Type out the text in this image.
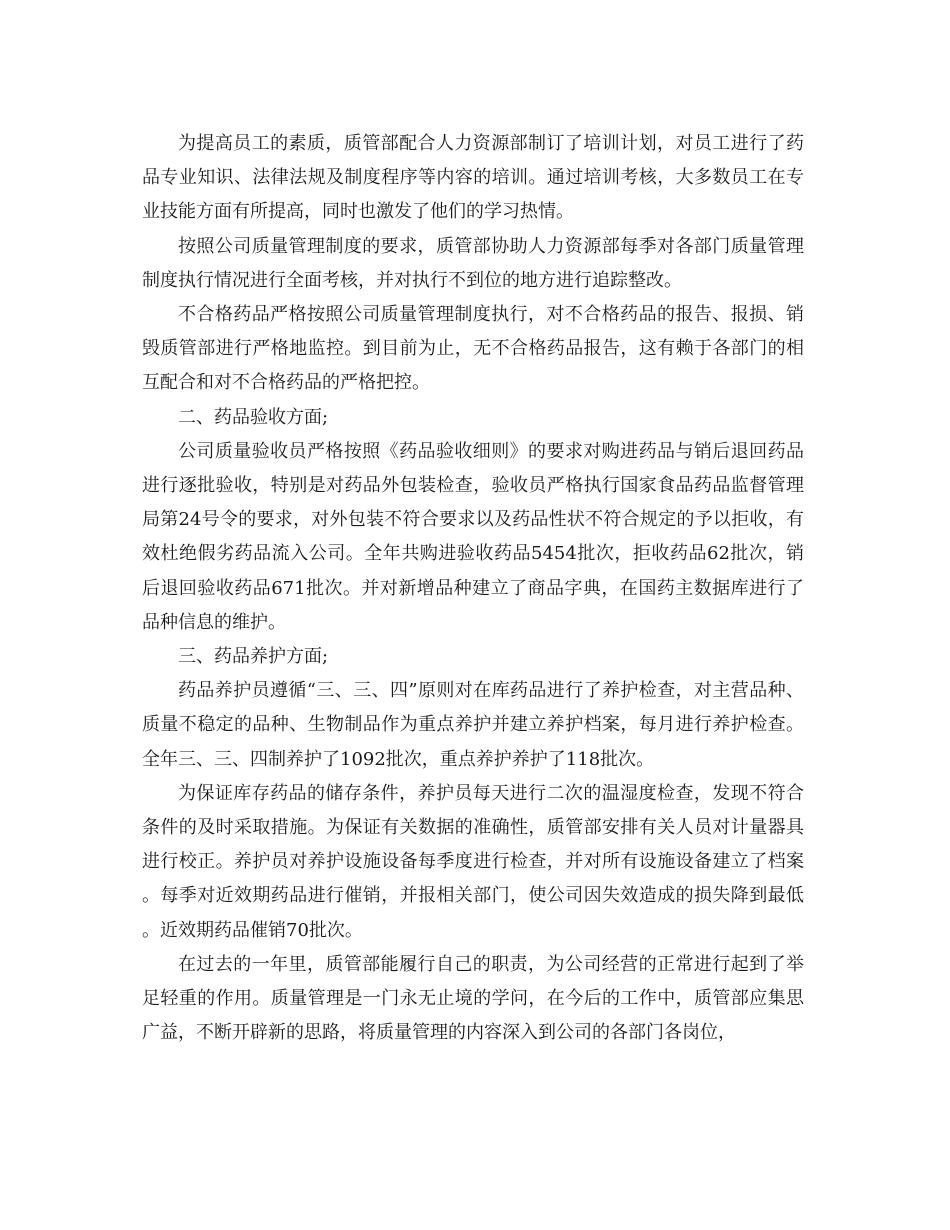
为提高员工的素质，质管部配合人力资源部制订了培训计划，对员工进行了药品专业知识、法律法规及制度程序等内容的培训。通过培训考核，大多数员工在专业技能方面有所提高，同时也激发了他们的学习热情。

按照公司质量管理制度的要求，质管部协助人力资源部每季对各部门质量管理制度执行情况进行全面考核，并对执行不到位的地方进行追踪整改。

不合格药品严格按照公司质量管理制度执行，对不合格药品的报告、报损、销毁质管部进行严格地监控。到目前为止，无不合格药品报告，这有赖于各部门的相互配合和对不合格药品的严格把控。

二、药品验收方面;

公司质量验收员严格按照《药品验收细则》的要求对购进药品与销后退回药品进行逐批验收，特别是对药品外包装检查，验收员严格执行国家食品药品监督管理局第24号令的要求，对外包装不符合要求以及药品性状不符合规定的予以拒收，有效杜绝假劣药品流入公司。全年共购进验收药品5454批次，拒收药品62批次，销后退回验收药品671批次。并对新增品种建立了商品字典，在国药主数据库进行了品种信息的维护。

三、药品养护方面;

药品养护员遵循“三、三、四”原则对在库药品进行了养护检查，对主营品种、质量不稳定的品种、生物制品作为重点养护并建立养护档案，每月进行养护检查。全年三、三、四制养护了1092批次，重点养护养护了118批次。

为保证库存药品的储存条件，养护员每天进行二次的温湿度检查，发现不符合条件的及时采取措施。为保证有关数据的准确性，质管部安排有关人员对计量器具进行校正。养护员对养护设施设备每季度进行检查，并对所有设施设备建立了档案。每季对近效期药品进行催销，并报相关部门，使公司因失效造成的损失降到最低。近效期药品催销70批次。

在过去的一年里，质管部能履行自己的职责，为公司经营的正常进行起到了举足轻重的作用。质量管理是一门永无止境的学问，在今后的工作中，质管部应集思广益，不断开辟新的思路，将质量管理的内容深入到公司的各部门各岗位，
